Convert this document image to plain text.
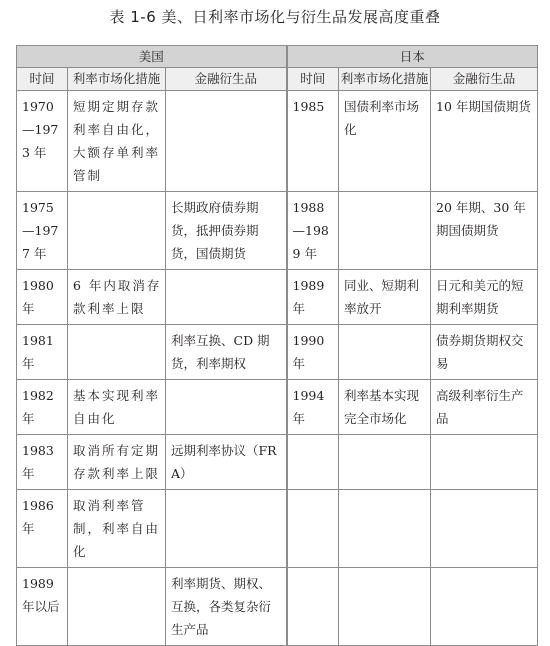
表 1-6 美、日利率市场化与衍生品发展高度重叠
美国			日本		
时间	利率市场化措施	金融衍生品	时间	利率市场化措施	金融衍生品
1970—1973 年	短期定期存款利率自由化，大额存单利率管制		1985	国债利率市场化	10 年期国债期货
1975—1977 年		长期政府债券期货，抵押债券期货，国债期货	1988—1989 年		20 年期、30 年期国债期货
1980 年	6 年内取消存款利率上限		1989 年	同业、短期利率放开	日元和美元的短期利率期货
1981 年		利率互换、CD 期货，利率期权	1990 年		债券期货期权交易
1982 年	基本实现利率自由化		1994 年	利率基本实现完全市场化	高级利率衍生产品
1983 年	取消所有定期存款利率上限	远期利率协议（FRA）			
1986 年	取消利率管制，利率自由化				
1989 年以后		利率期货、期权、互换，各类复杂衍生产品			
